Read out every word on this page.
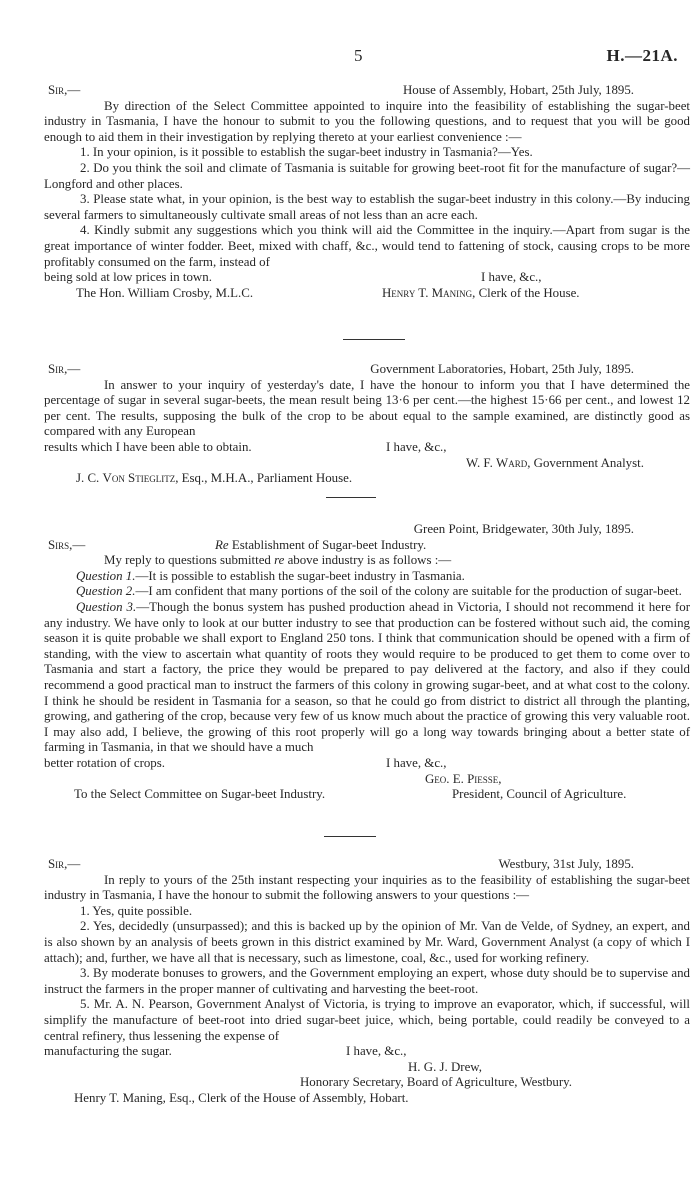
5	H.—21A.
Sir,—	House of Assembly, Hobart, 25th July, 1895.

By direction of the Select Committee appointed to inquire into the feasibility of establishing the sugar-beet industry in Tasmania, I have the honour to submit to you the following questions, and to request that you will be good enough to aid them in their investigation by replying thereto at your earliest convenience :—

1. In your opinion, is it possible to establish the sugar-beet industry in Tasmania?—Yes.

2. Do you think the soil and climate of Tasmania is suitable for growing beet-root fit for the manufacture of sugar?—Longford and other places.

3. Please state what, in your opinion, is the best way to establish the sugar-beet industry in this colony.—By inducing several farmers to simultaneously cultivate small areas of not less than an acre each.

4. Kindly submit any suggestions which you think will aid the Committee in the inquiry.—Apart from sugar is the great importance of winter fodder. Beet, mixed with chaff, &c., would tend to fattening of stock, causing crops to be more profitably consumed on the farm, instead of

being sold at low prices in town.	I have, &c.,
The Hon. William Crosby, M.L.C.	Henry T. Maning, Clerk of the House.
Sir,—	Government Laboratories, Hobart, 25th July, 1895.

In answer to your inquiry of yesterday's date, I have the honour to inform you that I have determined the percentage of sugar in several sugar-beets, the mean result being 13·6 per cent.—the highest 15·66 per cent., and lowest 12 per cent. The results, supposing the bulk of the crop to be about equal to the sample examined, are distinctly good as compared with any European

results which I have been able to obtain.	I have, &c.,
W. F. Ward, Government Analyst.
J. C. Von Stieglitz, Esq., M.H.A., Parliament House.
Green Point, Bridgewater, 30th July, 1895.
Sirs,—	Re Establishment of Sugar-beet Industry.

My reply to questions submitted re above industry is as follows :—

Question 1.—It is possible to establish the sugar-beet industry in Tasmania.

Question 2.—I am confident that many portions of the soil of the colony are suitable for the production of sugar-beet.

Question 3.—Though the bonus system has pushed production ahead in Victoria, I should not recommend it here for any industry. We have only to look at our butter industry to see that production can be fostered without such aid, the coming season it is quite probable we shall export to England 250 tons. I think that communication should be opened with a firm of standing, with the view to ascertain what quantity of roots they would require to be produced to get them to come over to Tasmania and start a factory, the price they would be prepared to pay delivered at the factory, and also if they could recommend a good practical man to instruct the farmers of this colony in growing sugar-beet, and at what cost to the colony. I think he should be resident in Tasmania for a season, so that he could go from district to district all through the planting, growing, and gathering of the crop, because very few of us know much about the practice of growing this very valuable root. I may also add, I believe, the growing of this root properly will go a long way towards bringing about a better state of farming in Tasmania, in that we should have a much

better rotation of crops.	I have, &c.,
Geo. E. Piesse,
To the Select Committee on Sugar-beet Industry.	President, Council of Agriculture.
Sir,—	Westbury, 31st July, 1895.

In reply to yours of the 25th instant respecting your inquiries as to the feasibility of establishing the sugar-beet industry in Tasmania, I have the honour to submit the following answers to your questions :—

1. Yes, quite possible.

2. Yes, decidedly (unsurpassed); and this is backed up by the opinion of Mr. Van de Velde, of Sydney, an expert, and is also shown by an analysis of beets grown in this district examined by Mr. Ward, Government Analyst (a copy of which I attach); and, further, we have all that is necessary, such as limestone, coal, &c., used for working refinery.

3. By moderate bonuses to growers, and the Government employing an expert, whose duty should be to supervise and instruct the farmers in the proper manner of cultivating and harvesting the beet-root.

5. Mr. A. N. Pearson, Government Analyst of Victoria, is trying to improve an evaporator, which, if successful, will simplify the manufacture of beet-root into dried sugar-beet juice, which, being portable, could readily be conveyed to a central refinery, thus lessening the expense of

manufacturing the sugar.	I have, &c.,
H. G. J. Drew,
Honorary Secretary, Board of Agriculture, Westbury.
Henry T. Maning, Esq., Clerk of the House of Assembly, Hobart.
